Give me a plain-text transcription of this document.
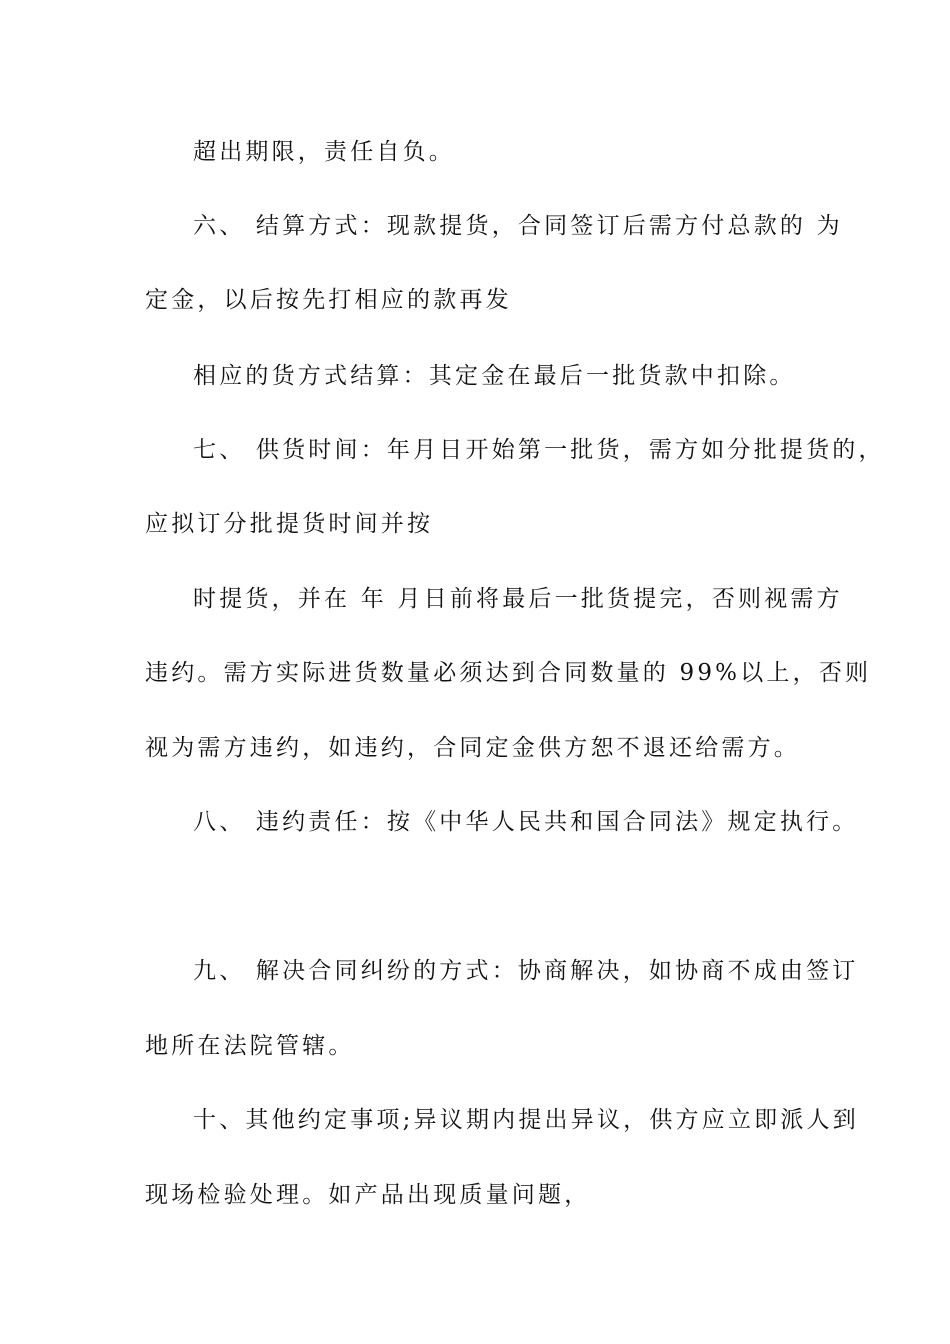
超出期限，责任自负。
六、 结算方式：现款提货，合同签订后需方付总款的 为
定金，以后按先打相应的款再发
相应的货方式结算：其定金在最后一批货款中扣除。
七、 供货时间：年月日开始第一批货，需方如分批提货的，
应拟订分批提货时间并按
时提货，并在 年 月日前将最后一批货提完，否则视需方
违约。需方实际进货数量必须达到合同数量的 99%以上，否则
视为需方违约，如违约，合同定金供方恕不退还给需方。
八、 违约责任：按《中华人民共和国合同法》规定执行。
九、 解决合同纠纷的方式：协商解决，如协商不成由签订
地所在法院管辖。
十、其他约定事项;异议期内提出异议，供方应立即派人到
现场检验处理。如产品出现质量问题，
